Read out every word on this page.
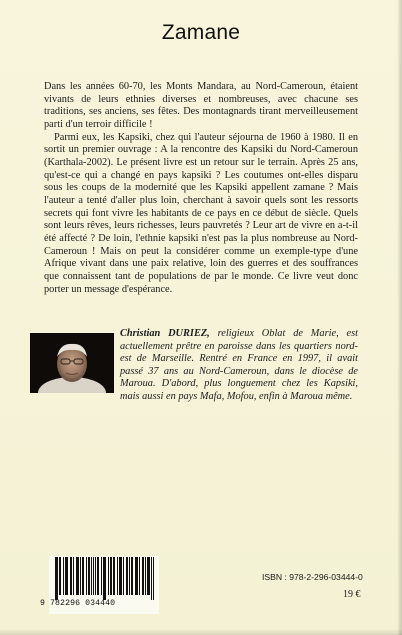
Zamane

Dans les années 60-70, les Monts Mandara, au Nord-Cameroun, étaient vivants de leurs ethnies diverses et nombreuses, avec chacune ses traditions, ses anciens, ses fêtes. Des montagnards tirant merveilleusement parti d'un terroir difficile !

Parmi eux, les Kapsiki, chez qui l'auteur séjourna de 1960 à 1980. Il en sortit un premier ouvrage : A la rencontre des Kapsiki du Nord-Cameroun (Karthala-2002). Le présent livre est un retour sur le terrain. Après 25 ans, qu'est-ce qui a changé en pays kapsiki ? Les coutumes ont-elles disparu sous les coups de la modernité que les Kapsiki appellent zamane ? Mais l'auteur a tenté d'aller plus loin, cherchant à savoir quels sont les ressorts secrets qui font vivre les habitants de ce pays en ce début de siècle. Quels sont leurs rêves, leurs richesses, leurs pauvretés ? Leur art de vivre en a-t-il été affecté ? De loin, l'ethnie kapsiki n'est pas la plus nombreuse au Nord-Cameroun ! Mais on peut la considérer comme un exemple-type d'une Afrique vivant dans une paix relative, loin des guerres et des souffrances que connaissent tant de populations de par le monde. Ce livre veut donc porter un message d'espérance.

Christian DURIEZ, religieux Oblat de Marie, est actuellement prêtre en paroisse dans les quartiers nord-est de Marseille. Rentré en France en 1997, il avait passé 37 ans au Nord-Cameroun, dans le diocèse de Maroua. D'abord, plus longuement chez les Kapsiki, mais aussi en pays Mafa, Mofou, enfin à Maroua même.
9 782296 034440
ISBN : 978-2-296-03444-0
19 €
